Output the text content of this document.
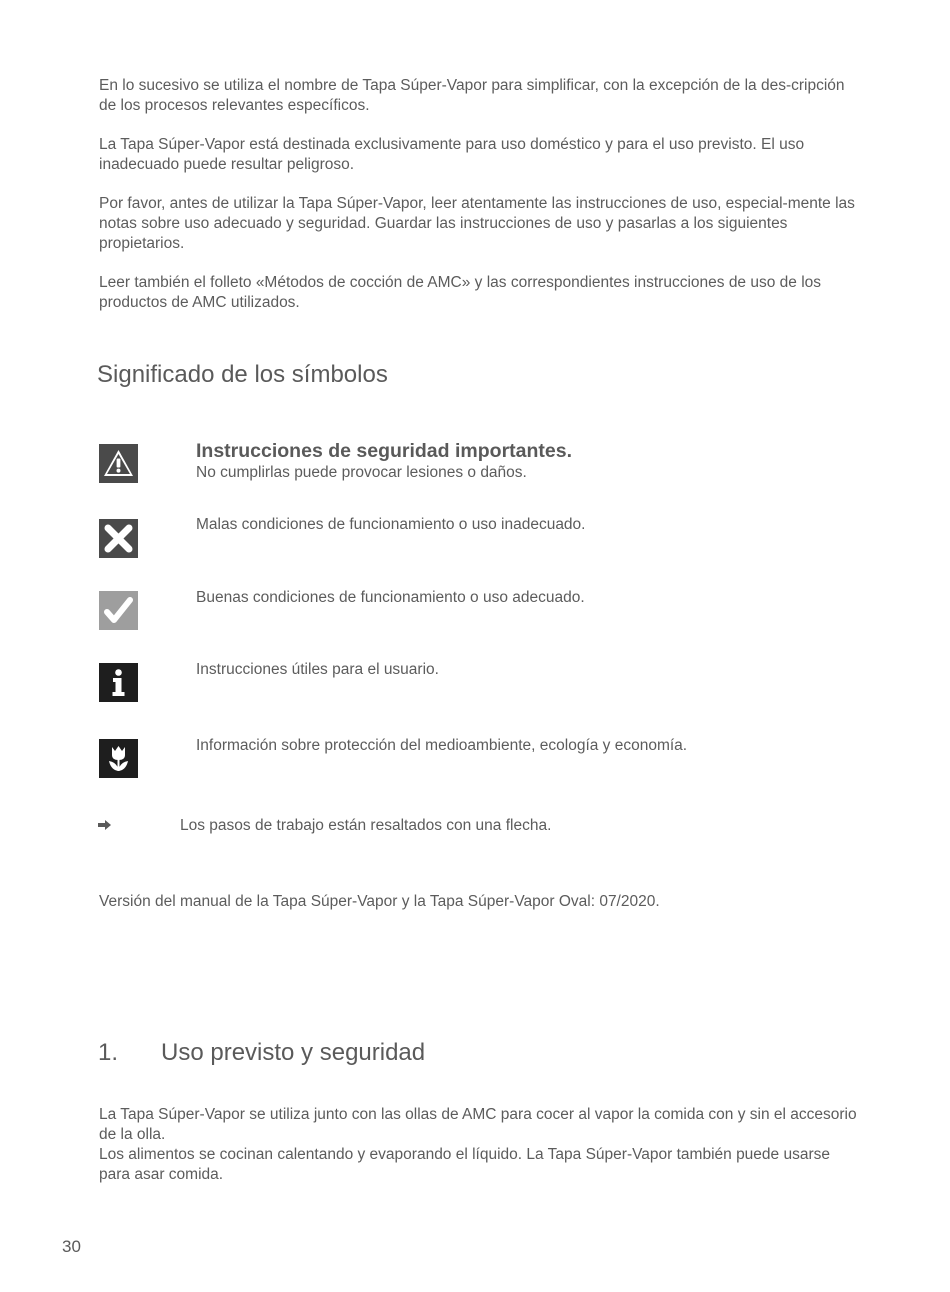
En lo sucesivo se utiliza el nombre de Tapa Súper-Vapor para simplificar, con la excepción de la des-cripción de los procesos relevantes específicos.

La Tapa Súper-Vapor está destinada exclusivamente para uso doméstico y para el uso previsto. El uso inadecuado puede resultar peligroso.

Por favor, antes de utilizar la Tapa Súper-Vapor, leer atentamente las instrucciones de uso, especial-mente las notas sobre uso adecuado y seguridad. Guardar las instrucciones de uso y pasarlas a los siguientes propietarios.

Leer también el folleto «Métodos de cocción de AMC» y las correspondientes instrucciones de uso de los productos de AMC utilizados.

Significado de los símbolos

Instrucciones de seguridad importantes.

No cumplirlas puede provocar lesiones o daños.

Malas condiciones de funcionamiento o uso inadecuado.

Buenas condiciones de funcionamiento o uso adecuado.

Instrucciones útiles para el usuario.

Información sobre protección del medioambiente, ecología y economía.

Los pasos de trabajo están resaltados con una flecha.

Versión del manual de la Tapa Súper-Vapor y la Tapa Súper-Vapor Oval: 07/2020.

1. Uso previsto y seguridad

La Tapa Súper-Vapor se utiliza junto con las ollas de AMC para cocer al vapor la comida con y sin el accesorio de la olla.

Los alimentos se cocinan calentando y evaporando el líquido. La Tapa Súper-Vapor también puede usarse para asar comida.

30
